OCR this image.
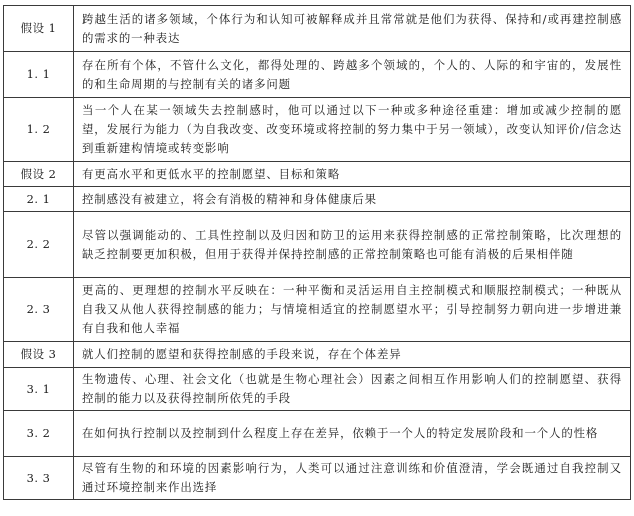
假设 1	跨越生活的诸多领域，个体行为和认知可被解释成并且常常就是他们为获得、保持和/或再建控制感的需求的一种表达
1. 1	存在所有个体，不管什么文化，都得处理的、跨越多个领域的，个人的、人际的和宇宙的，发展性的和生命周期的与控制有关的诸多问题
1. 2	当一个人在某一领域失去控制感时，他可以通过以下一种或多种途径重建：增加或减少控制的愿望，发展行为能力（为自我改变、改变环境或将控制的努力集中于另一领域），改变认知评价/信念达到重新建构情境或转变影响
假设 2	有更高水平和更低水平的控制愿望、目标和策略
2. 1	控制感没有被建立，将会有消极的精神和身体健康后果
2. 2	尽管以强调能动的、工具性控制以及归因和防卫的运用来获得控制感的正常控制策略，比次理想的缺乏控制要更加积极，但用于获得并保持控制感的正常控制策略也可能有消极的后果相伴随
2. 3	更高的、更理想的控制水平反映在：一种平衡和灵活运用自主控制模式和顺服控制模式；一种既从自我又从他人获得控制感的能力；与情境相适宜的控制愿望水平；引导控制努力朝向进一步增进兼有自我和他人幸福
假设 3	就人们控制的愿望和获得控制感的手段来说，存在个体差异
3. 1	生物遗传、心理、社会文化（也就是生物心理社会）因素之间相互作用影响人们的控制愿望、获得控制的能力以及获得控制所依凭的手段
3. 2	在如何执行控制以及控制到什么程度上存在差异，依赖于一个人的特定发展阶段和一个人的性格
3. 3	尽管有生物的和环境的因素影响行为，人类可以通过注意训练和价值澄清，学会既通过自我控制又通过环境控制来作出选择
